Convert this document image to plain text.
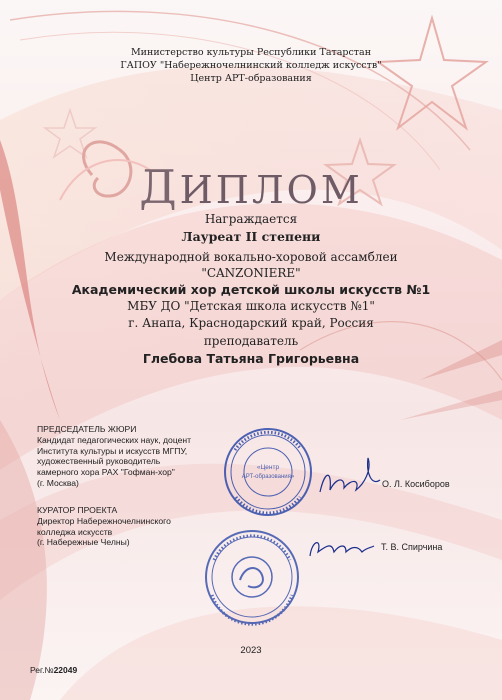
Министерство культуры Республики Татарстан
ГАПОУ "Набережночелнинский колледж искусств"
Центр АРТ-образования
ДИПЛОМ
Награждается
Лауреат II степени
Международной вокально-хоровой ассамблеи
"CANZONIERE"
Академический хор детской школы искусств №1
МБУ ДО "Детская школа искусств №1"
г. Анапа, Краснодарский край, Россия
преподаватель
Глебова Татьяна Григорьевна
ПРЕДСЕДАТЕЛЬ ЖЮРИ
Кандидат педагогических наук, доцент
Института культуры и искусств МГПУ,
художественный руководитель
камерного хора РАХ "Гофман-хор"
(г. Москва)
КУРАТОР ПРОЕКТА
Директор Набережночелнинского
колледжа искусств
(г. Набережные Челны)
«Центр
АРТ-образования»
О. Л. Косиборов
Т. В. Спирчина
2023
Рег.№22049
